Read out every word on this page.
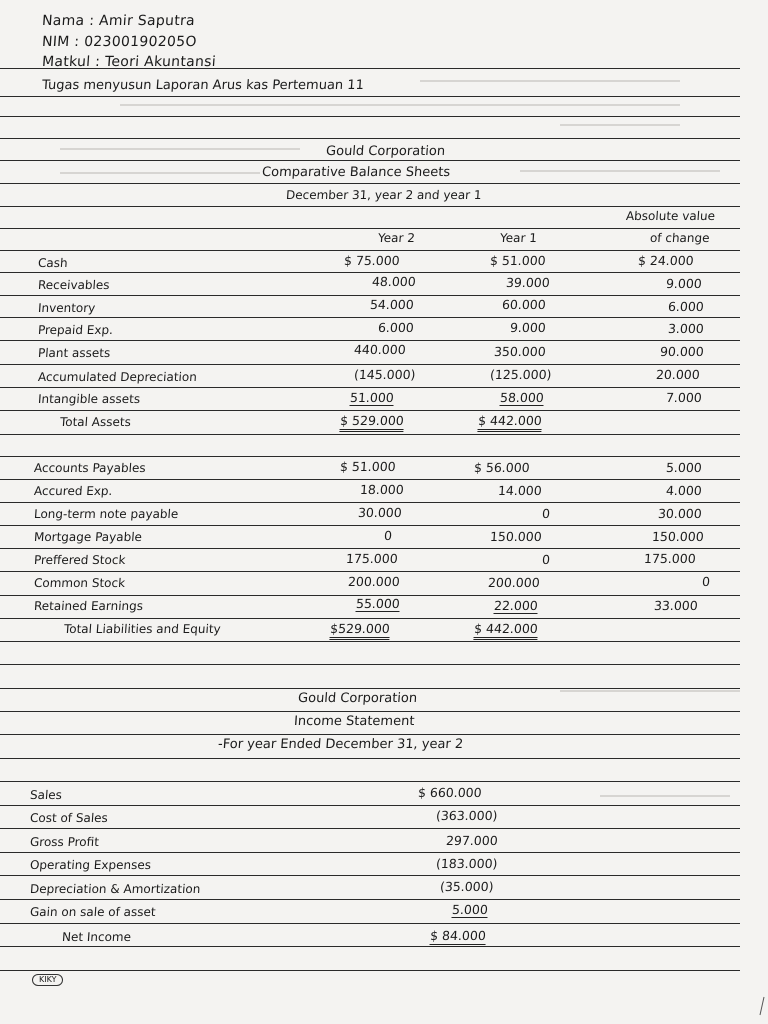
Nama : Amir Saputra
NIM : 02300190205O
Matkul : Teori Akuntansi
Tugas menyusun Laporan Arus kas Pertemuan 11
Gould Corporation
Comparative Balance Sheets
December 31, year 2 and year 1
Absolute value
Year 2	Year 1	of change
Cash
Receivables
Inventory
Prepaid Exp.
Plant assets
Accumulated Depreciation
Intangible assets
Total Assets
Accounts Payables
Accured Exp.
Long-term note payable
Mortgage Payable
Preffered Stock
Common Stock
Retained Earnings
Total Liabilities and Equity
$ 75.000
48.000
54.000
6.000
440.000
(145.000)
51.000
$ 529.000
$ 51.000
18.000
30.000
0
175.000
200.000
55.000
$529.000
$ 51.000
39.000
60.000
9.000
350.000
(125.000)
58.000
$ 442.000
$ 56.000
14.000
0
150.000
0
200.000
22.000
$ 442.000
$ 24.000
9.000
6.000
3.000
90.000
20.000
7.000
5.000
4.000
30.000
150.000
175.000
0
33.000
Gould Corporation
Income Statement
-For year Ended December 31, year 2
Sales
Cost of Sales
Gross Profit
Operating Expenses
Depreciation & Amortization
Gain on sale of asset
Net Income
$ 660.000
(363.000)
297.000
(183.000)
(35.000)
5.000
$ 84.000
KIKY
